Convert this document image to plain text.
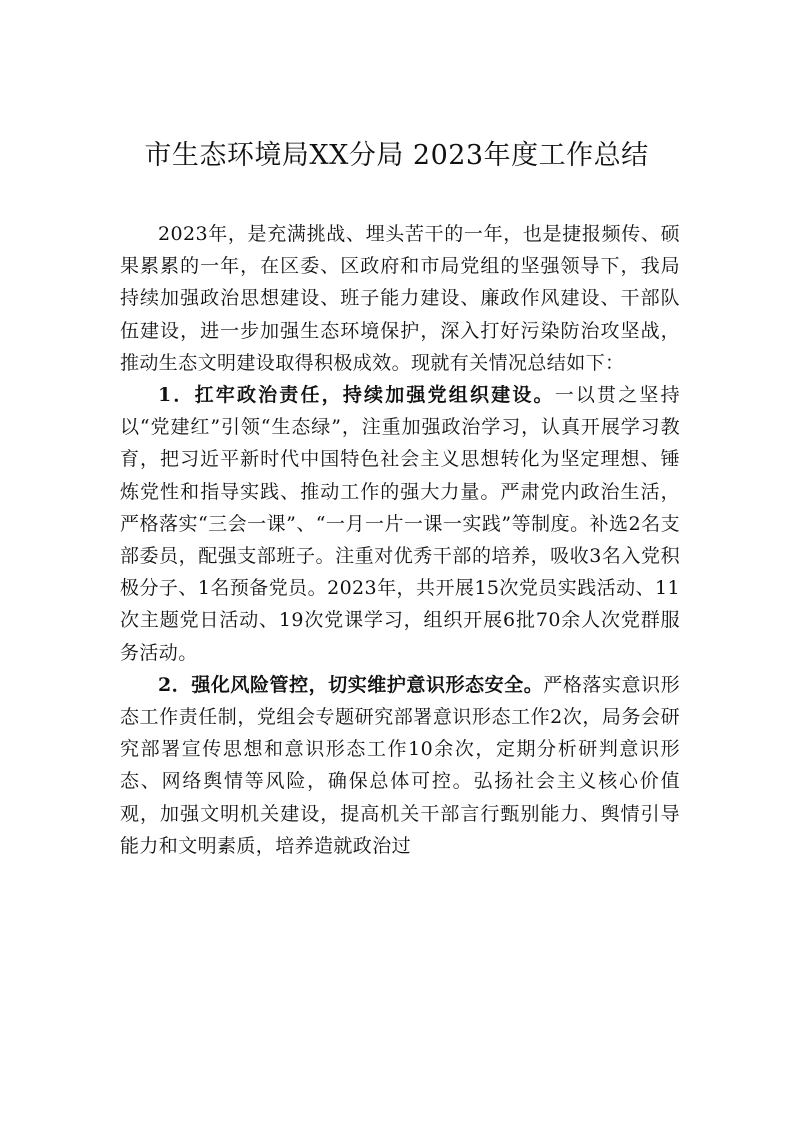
市生态环境局XX分局 2023年度工作总结

2023年，是充满挑战、埋头苦干的一年，也是捷报频传、硕果累累的一年，在区委、区政府和市局党组的坚强领导下，我局持续加强政治思想建设、班子能力建设、廉政作风建设、干部队伍建设，进一步加强生态环境保护，深入打好污染防治攻坚战，推动生态文明建设取得积极成效。现就有关情况总结如下：

1．扛牢政治责任，持续加强党组织建设。一以贯之坚持以“党建红”引领“生态绿”，注重加强政治学习，认真开展学习教育，把习近平新时代中国特色社会主义思想转化为坚定理想、锤炼党性和指导实践、推动工作的强大力量。严肃党内政治生活，严格落实“三会一课”、“一月一片一课一实践”等制度。补选2名支部委员，配强支部班子。注重对优秀干部的培养，吸收3名入党积极分子、1名预备党员。2023年，共开展15次党员实践活动、11次主题党日活动、19次党课学习，组织开展6批70余人次党群服务活动。

2．强化风险管控，切实维护意识形态安全。严格落实意识形态工作责任制，党组会专题研究部署意识形态工作2次，局务会研究部署宣传思想和意识形态工作10余次，定期分析研判意识形态、网络舆情等风险，确保总体可控。弘扬社会主义核心价值观，加强文明机关建设，提高机关干部言行甄别能力、舆情引导能力和文明素质，培养造就政治过
